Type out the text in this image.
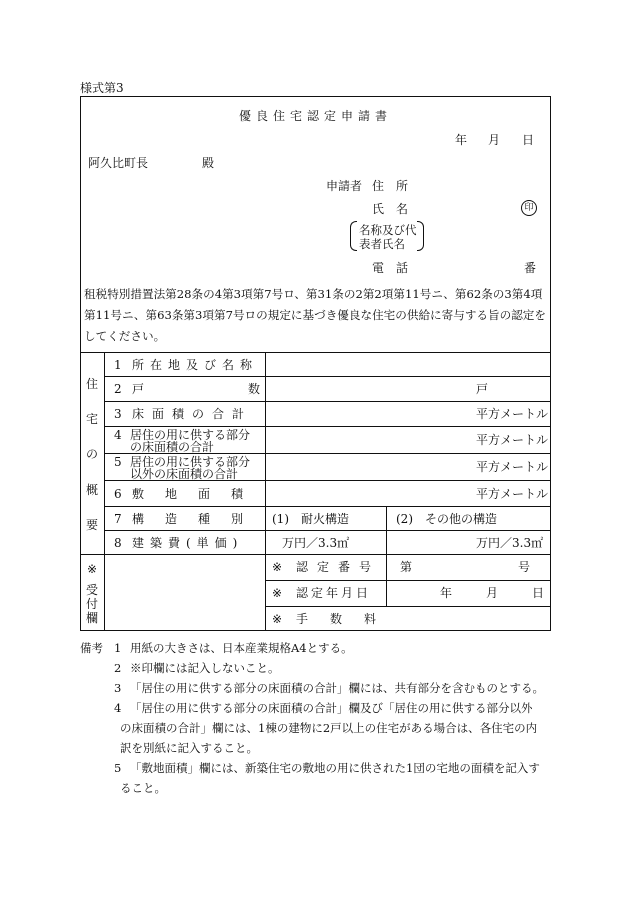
様式第3
優良住宅認定申請書
年 月 日
阿久比町長	殿
申請者 住　所
氏　名	印
名称及び代
表者氏名
電　話	番
租税特別措置法第28条の4第3項第7号ロ、第31条の2第2項第11号ニ、第62条の3第4項第11号ニ、第63条第3項第7号ロの規定に基づき優良な住宅の供給に寄与する旨の認定をしてください。
住
宅
の
概
要
1 所在地及び名称
2 戸	数	戸
3 床面積の合計	平方メートル
4 居住の用に供する部分
の床面積の合計	平方メートル
5 居住の用に供する部分
以外の床面積の合計	平方メートル
6 敷地面積	平方メートル
7 構造種別 (1)　耐火構造	(2)　その他の構造
8 建築費(単価)	万円／3.3㎡	万円／3.3㎡
※
受
付
欄
※ 認定番号 第	号
※ 認定年月日	年	月	日
※ 手数料
備考 1 用紙の大きさは、日本産業規格A4とする。
2 ※印欄には記入しないこと。
3 「居住の用に供する部分の床面積の合計」欄には、共有部分を含むものとする。
4 「居住の用に供する部分の床面積の合計」欄及び「居住の用に供する部分以外
の床面積の合計」欄には、1棟の建物に2戸以上の住宅がある場合は、各住宅の内
訳を別紙に記入すること。
5 「敷地面積」欄には、新築住宅の敷地の用に供された1団の宅地の面積を記入す
ること。
